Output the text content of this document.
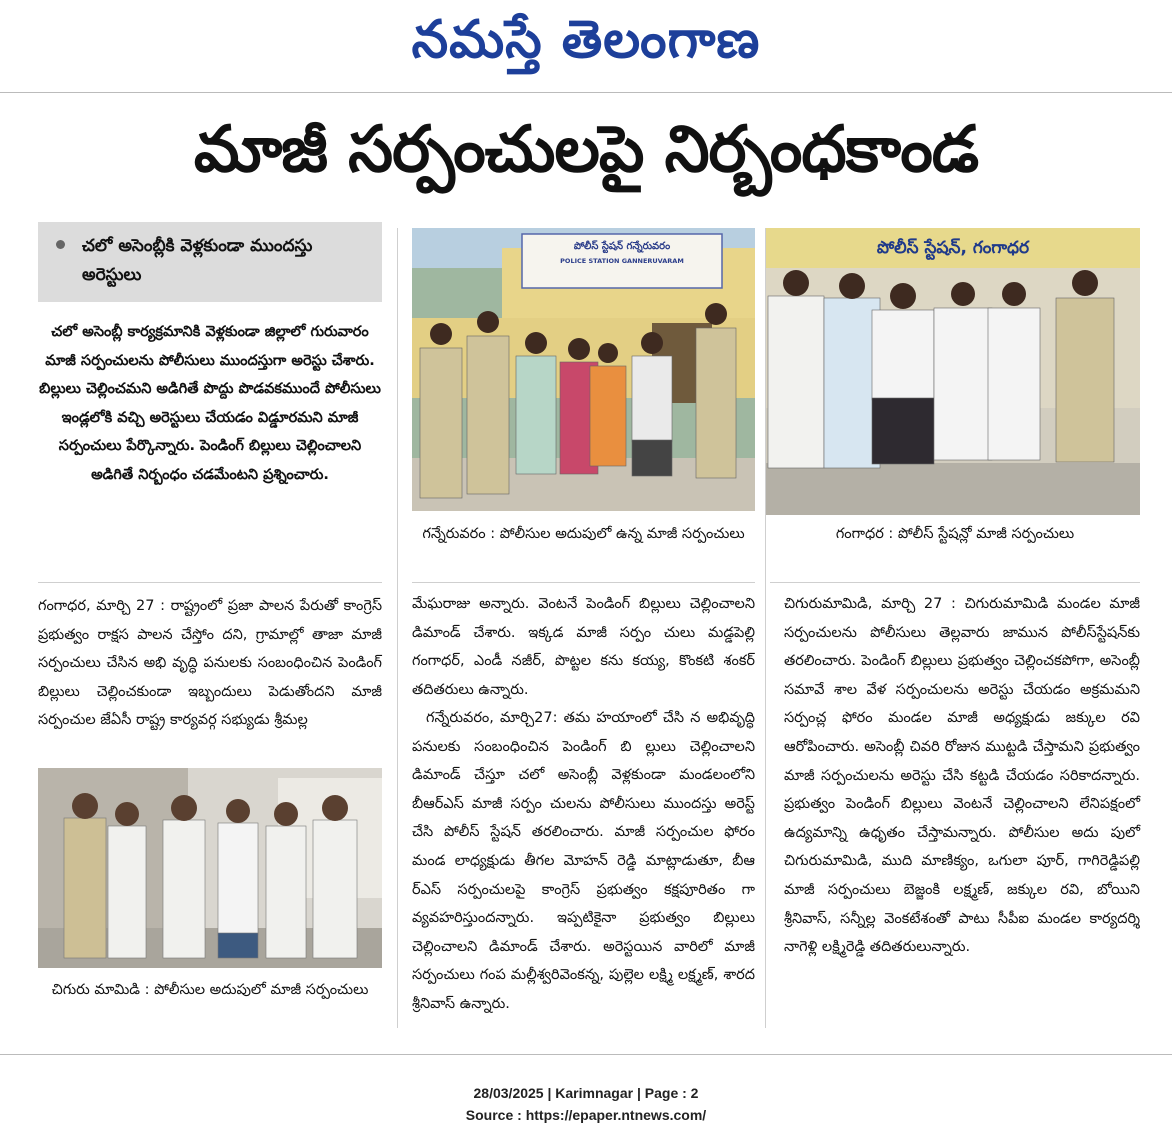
నమస్తే తెలంగాణ
మాజీ సర్పంచులపై నిర్బంధకాండ
చలో అసెంబ్లీకి వెళ్లకుండా ముందస్తు అరెస్టులు
చలో అసెంబ్లీ కార్యక్రమానికి వెళ్లకుండా జిల్లాలో గురువారం మాజీ సర్పంచులను పోలీసులు ముందస్తుగా అరెస్టు చేశారు. బిల్లులు చెల్లించమని అడిగితే పొద్దు పొడవకముందే పోలీసులు ఇండ్లలోకి వచ్చి అరెస్టులు చేయడం విడ్డూరమని మాజీ సర్పంచులు పేర్కొన్నారు. పెండింగ్ బిల్లులు చెల్లించాలని అడిగితే నిర్బంధం చడమేంటని ప్రశ్నించారు.
గంగాధర, మార్చి 27 : రాష్ట్రంలో ప్రజా పాలన పేరుతో కాంగ్రెస్ ప్రభుత్వం రాక్షస పాలన చేస్తోం దని, గ్రామాల్లో తాజా మాజీ సర్పంచులు చేసిన అభి వృద్ధి పనులకు సంబంధించిన పెండింగ్ బిల్లులు చెల్లించకుండా ఇబ్బందులు పెడుతోందని మాజీ సర్పంచుల జేఏసీ రాష్ట్ర కార్యవర్గ సభ్యుడు శ్రీమల్ల
చిగురు మామిడి : పోలీసుల అదుపులో మాజీ సర్పంచులు
పోలీస్ స్టేషన్ గన్నేరువరం
POLICE STATION GANNERUVARAM
గన్నేరువరం : పోలీసుల అదుపులో ఉన్న మాజీ సర్పంచులు
మేఘరాజు అన్నారు. వెంటనే పెండింగ్ బిల్లులు చెల్లించాలని డిమాండ్ చేశారు. ఇక్కడ మాజీ సర్పం చులు మడ్డపెల్లి గంగాధర్, ఎండీ నజీర్, పొట్టల కను కయ్య, కొంకటి శంకర్ తదితరులు ఉన్నారు.
గన్నేరువరం, మార్చి27: తమ హయాంలో చేసి న అభివృద్ధి పనులకు సంబంధించిన పెండింగ్ బి ల్లులు చెల్లించాలని డిమాండ్ చేస్తూ చలో అసెంబ్లీ వెళ్లకుండా మండలంలోని బీఆర్ఎస్ మాజీ సర్పం చులను పోలీసులు ముందస్తు అరెస్ట్ చేసి పోలీస్ స్టేషన్ తరలించారు. మాజీ సర్పంచుల ఫోరం మండ లాధ్యక్షుడు తీగల మోహన్ రెడ్డి మాట్లాడుతూ, బీఆ ర్ఎస్ సర్పంచులపై కాంగ్రెస్ ప్రభుత్వం కక్షపూరితం గా వ్యవహరిస్తుందన్నారు. ఇప్పటికైనా ప్రభుత్వం బిల్లులు చెల్లించాలని డిమాండ్ చేశారు. అరెస్టయిన వారిలో మాజీ సర్పంచులు గంప మల్లీశ్వరివెంకన్న, పుల్లెల లక్ష్మి లక్ష్మణ్, శారద శ్రీనివాస్ ఉన్నారు.
పోలీస్ స్టేషన్, గంగాధర
గంగాధర : పోలీస్ స్టేషన్లో మాజీ సర్పంచులు
చిగురుమామిడి, మార్చి 27 : చిగురుమామిడి మండల మాజీ సర్పంచులను పోలీసులు తెల్లవారు జామున పోలీస్‌స్టేషన్‌కు తరలించారు. పెండింగ్ బిల్లులు ప్రభుత్వం చెల్లించకపోగా, అసెంబ్లీ సమావే శాల వేళ సర్పంచులను అరెస్టు చేయడం అక్రమమని సర్పంచ్ల ఫోరం మండల మాజీ అధ్యక్షుడు జక్కుల రవి ఆరోపించారు. అసెంబ్లీ చివరి రోజున ముట్టడి చేస్తామని ప్రభుత్వం మాజీ సర్పంచులను అరెస్టు చేసి కట్టడి చేయడం సరికాదన్నారు. ప్రభుత్వం పెండింగ్ బిల్లులు వెంటనే చెల్లించాలని లేనిపక్షంలో ఉద్యమాన్ని ఉధృతం చేస్తామన్నారు. పోలీసుల అదు పులో చిగురుమామిడి, ముది మాణిక్యం, ఒగులా పూర్, గాగిరెడ్డిపల్లి మాజీ సర్పంచులు బెజ్జంకి లక్ష్మణ్, జక్కుల రవి, బోయిని శ్రీనివాస్, సన్నీల్ల వెంకటేశంతో పాటు సీపీఐ మండల కార్యదర్శి నాగెళ్లి లక్ష్మిరెడ్డి తదితరులున్నారు.
28/03/2025 | Karimnagar | Page : 2
Source : https://epaper.ntnews.com/
